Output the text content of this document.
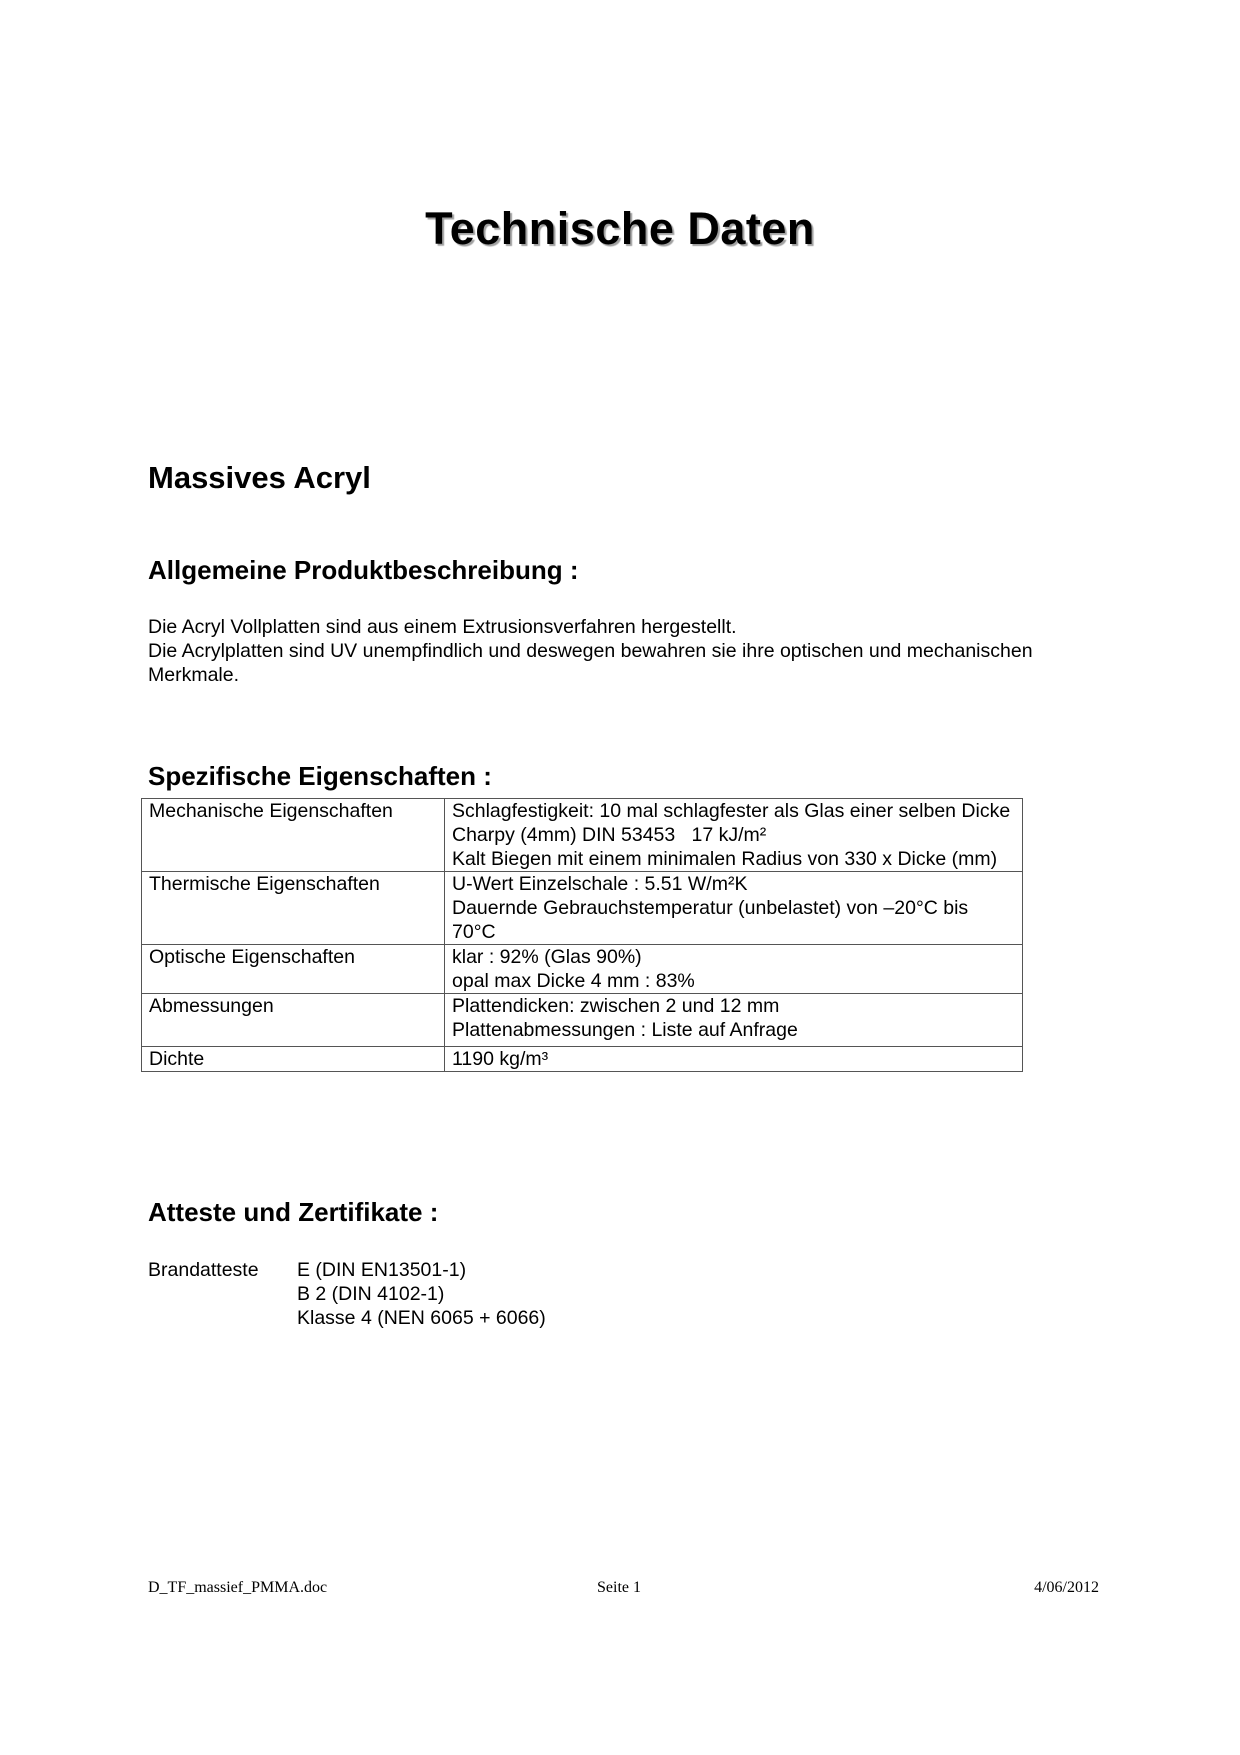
Technische Daten
Massives Acryl
Allgemeine Produktbeschreibung :
Die Acryl Vollplatten sind aus einem Extrusionsverfahren hergestellt.
Die Acrylplatten sind UV unempfindlich und deswegen bewahren sie ihre optischen und mechanischen Merkmale.
Spezifische Eigenschaften :
Mechanische Eigenschaften	Schlagfestigkeit: 10 mal schlagfester als Glas einer selben Dicke
Charpy (4mm) DIN 53453   17 kJ/m²
Kalt Biegen mit einem minimalen Radius von 330 x Dicke (mm)

Thermische Eigenschaften	U-Wert Einzelschale : 5.51 W/m²K
Dauernde Gebrauchstemperatur (unbelastet) von –20°C bis 70°C

Optische Eigenschaften	klar : 92% (Glas 90%)
opal max Dicke 4 mm : 83%

Abmessungen	Plattendicken: zwischen 2 und 12 mm
Plattenabmessungen : Liste auf Anfrage

Dichte	1190 kg/m³
Atteste und Zertifikate :
Brandatteste	E (DIN EN13501-1)
B 2 (DIN 4102-1)
Klasse 4 (NEN 6065 + 6066)
D_TF_massief_PMMA.doc	Seite 1	4/06/2012
